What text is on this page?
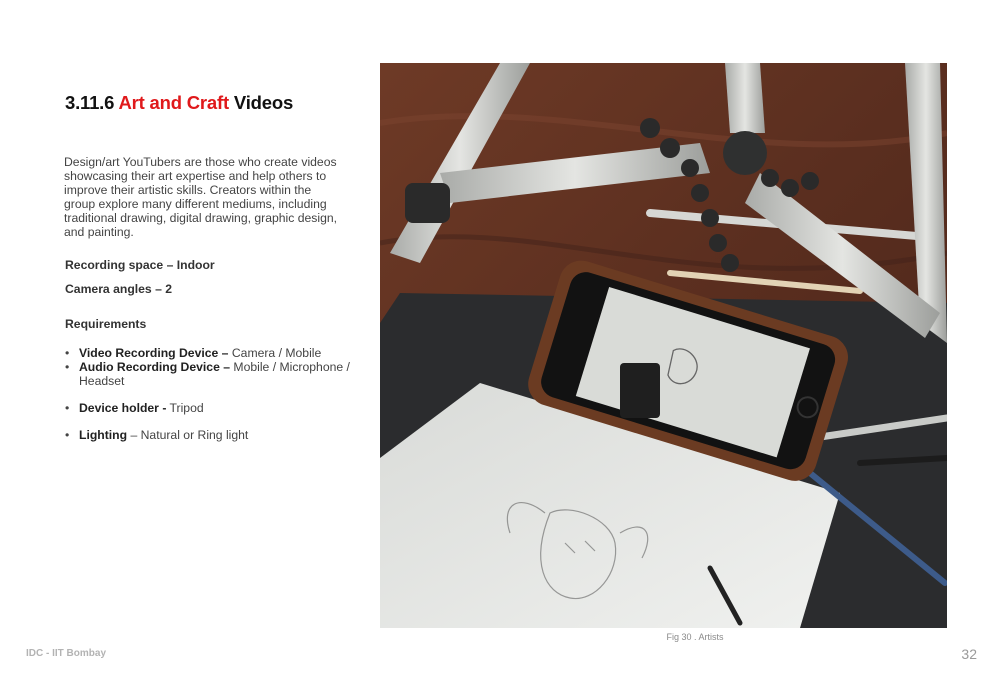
3.11.6 Art and Craft Videos

Design/art YouTubers are those who create videos showcasing their art expertise and help others to improve their artistic skills. Creators within the group explore many different mediums, including traditional drawing, digital drawing, graphic design, and painting.

Recording space – Indoor

Camera angles – 2

Requirements

• Video Recording Device – Camera / Mobile
• Audio Recording Device – Mobile / Microphone / Headset
• Device holder - Tripod
• Lighting – Natural or Ring light

Fig 30 . Artists

IDC - IIT Bombay	32
